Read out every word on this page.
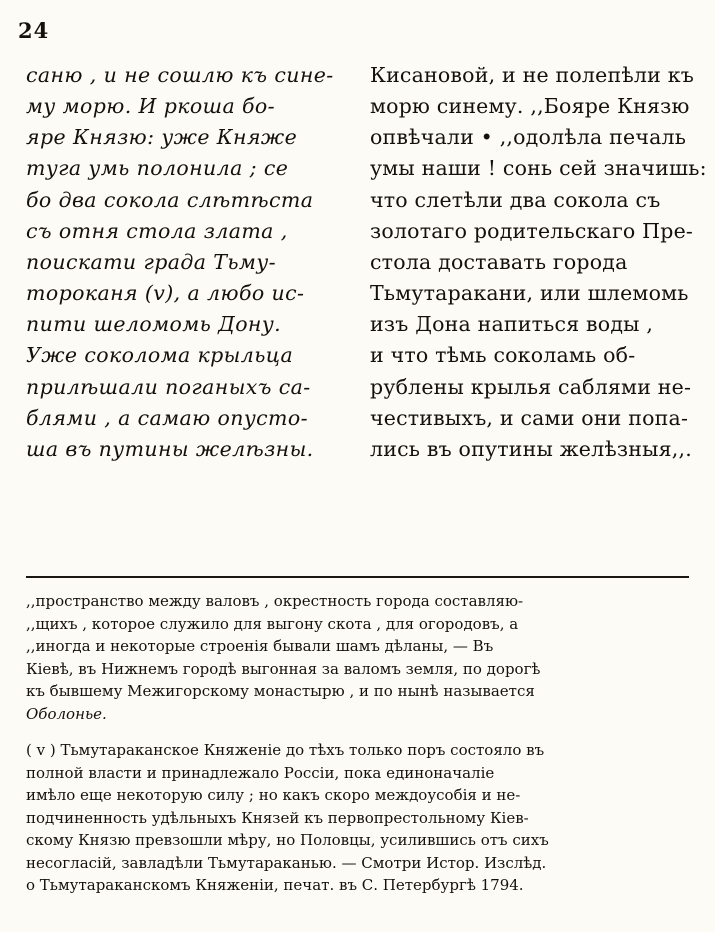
24

саню , и не сошлю къ сине-
му морю. И ркоша бо-
яре Князю: уже Княже
туга умь полонила ; се
бо два сокола слѣтѣста
съ отня стола злата ,
поискати града Тьму-
тороканя (v), а любо ис-
пити шеломомь Дону.
Уже соколома крыльца
прилѣшали поганыхъ са-
блями , а самаю опусто-
ша въ путины желѣзны.

Кисановой, и не полепѣли къ
морю синему. ,,Бояре Князю
опвѣчали • ,,одолѣла печаль
умы наши ! сонь сей значишь:
что слетѣли два сокола съ
золотаго родительскаго Пре-
стола доставать города
Тьмутаракани, или шлемомь
изъ Дона напиться воды ,
и что тѣмь соколамь об-
рублены крылья саблями не-
честивыхъ, и сами они попа-
лись въ опутины желѣзныя,,.

,,пространство между валовъ , окрестность города составляю-
,,щихъ , которое служило для выгону скота , для огородовъ, а
,,иногда и некоторые строенія бывали шамъ дѣланы, — Въ
Кіевѣ, въ Нижнемъ городѣ выгонная за валомъ земля, по дорогѣ
къ бывшему Межигорскому монастырю , и по нынѣ называется
Оболонье.
( v ) Тьмутараканское Княженіе до тѣхъ только поръ состояло въ
полной власти и принадлежало Россіи, пока единоначаліе
имѣло еще некоторую силу ; но какъ скоро междоусобія и не-
подчиненность удѣльныхъ Князей къ первопрестольному Кіев-
скому Князю превзошли мѣру, но Половцы, усилившись отъ сихъ
несогласій, завладѣли Тьмутараканью. — Смотри Истор. Изслѣд.
о Тьмутараканскомъ Княженіи, печат. въ С. Петербургѣ 1794.
